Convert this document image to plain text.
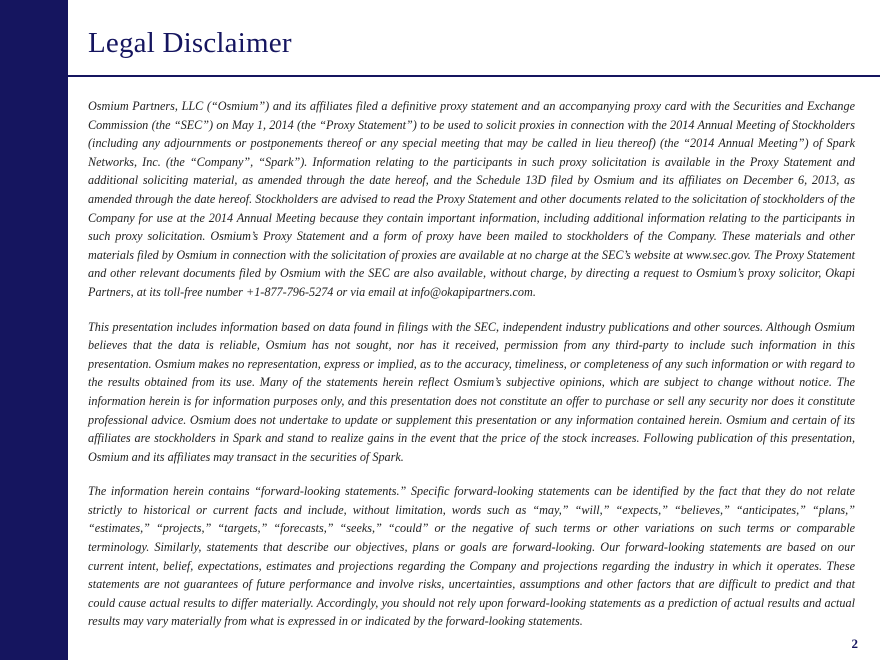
Legal Disclaimer

Osmium Partners, LLC (“Osmium”) and its affiliates filed a definitive proxy statement and an accompanying proxy card with the Securities and Exchange Commission (the “SEC”) on May 1, 2014 (the “Proxy Statement”) to be used to solicit proxies in connection with the 2014 Annual Meeting of Stockholders (including any adjournments or postponements thereof or any special meeting that may be called in lieu thereof) (the “2014 Annual Meeting”) of Spark Networks, Inc. (the “Company”, “Spark”). Information relating to the participants in such proxy solicitation is available in the Proxy Statement and additional soliciting material, as amended through the date hereof, and the Schedule 13D filed by Osmium and its affiliates on December 6, 2013, as amended through the date hereof. Stockholders are advised to read the Proxy Statement and other documents related to the solicitation of stockholders of the Company for use at the 2014 Annual Meeting because they contain important information, including additional information relating to the participants in such proxy solicitation. Osmium’s Proxy Statement and a form of proxy have been mailed to stockholders of the Company. These materials and other materials filed by Osmium in connection with the solicitation of proxies are available at no charge at the SEC’s website at www.sec.gov. The Proxy Statement and other relevant documents filed by Osmium with the SEC are also available, without charge, by directing a request to Osmium’s proxy solicitor, Okapi Partners, at its toll-free number +1-877-796-5274 or via email at info@okapipartners.com.

This presentation includes information based on data found in filings with the SEC, independent industry publications and other sources. Although Osmium believes that the data is reliable, Osmium has not sought, nor has it received, permission from any third-party to include such information in this presentation. Osmium makes no representation, express or implied, as to the accuracy, timeliness, or completeness of any such information or with regard to the results obtained from its use. Many of the statements herein reflect Osmium’s subjective opinions, which are subject to change without notice. The information herein is for information purposes only, and this presentation does not constitute an offer to purchase or sell any security nor does it constitute professional advice. Osmium does not undertake to update or supplement this presentation or any information contained herein. Osmium and certain of its affiliates are stockholders in Spark and stand to realize gains in the event that the price of the stock increases. Following publication of this presentation, Osmium and its affiliates may transact in the securities of Spark.

The information herein contains “forward-looking statements.” Specific forward-looking statements can be identified by the fact that they do not relate strictly to historical or current facts and include, without limitation, words such as “may,” “will,” “expects,” “believes,” “anticipates,” “plans,” “estimates,” “projects,” “targets,” “forecasts,” “seeks,” “could” or the negative of such terms or other variations on such terms or comparable terminology. Similarly, statements that describe our objectives, plans or goals are forward-looking. Our forward-looking statements are based on our current intent, belief, expectations, estimates and projections regarding the Company and projections regarding the industry in which it operates. These statements are not guarantees of future performance and involve risks, uncertainties, assumptions and other factors that are difficult to predict and that could cause actual results to differ materially. Accordingly, you should not rely upon forward-looking statements as a prediction of actual results and actual results may vary materially from what is expressed in or indicated by the forward-looking statements.

2
